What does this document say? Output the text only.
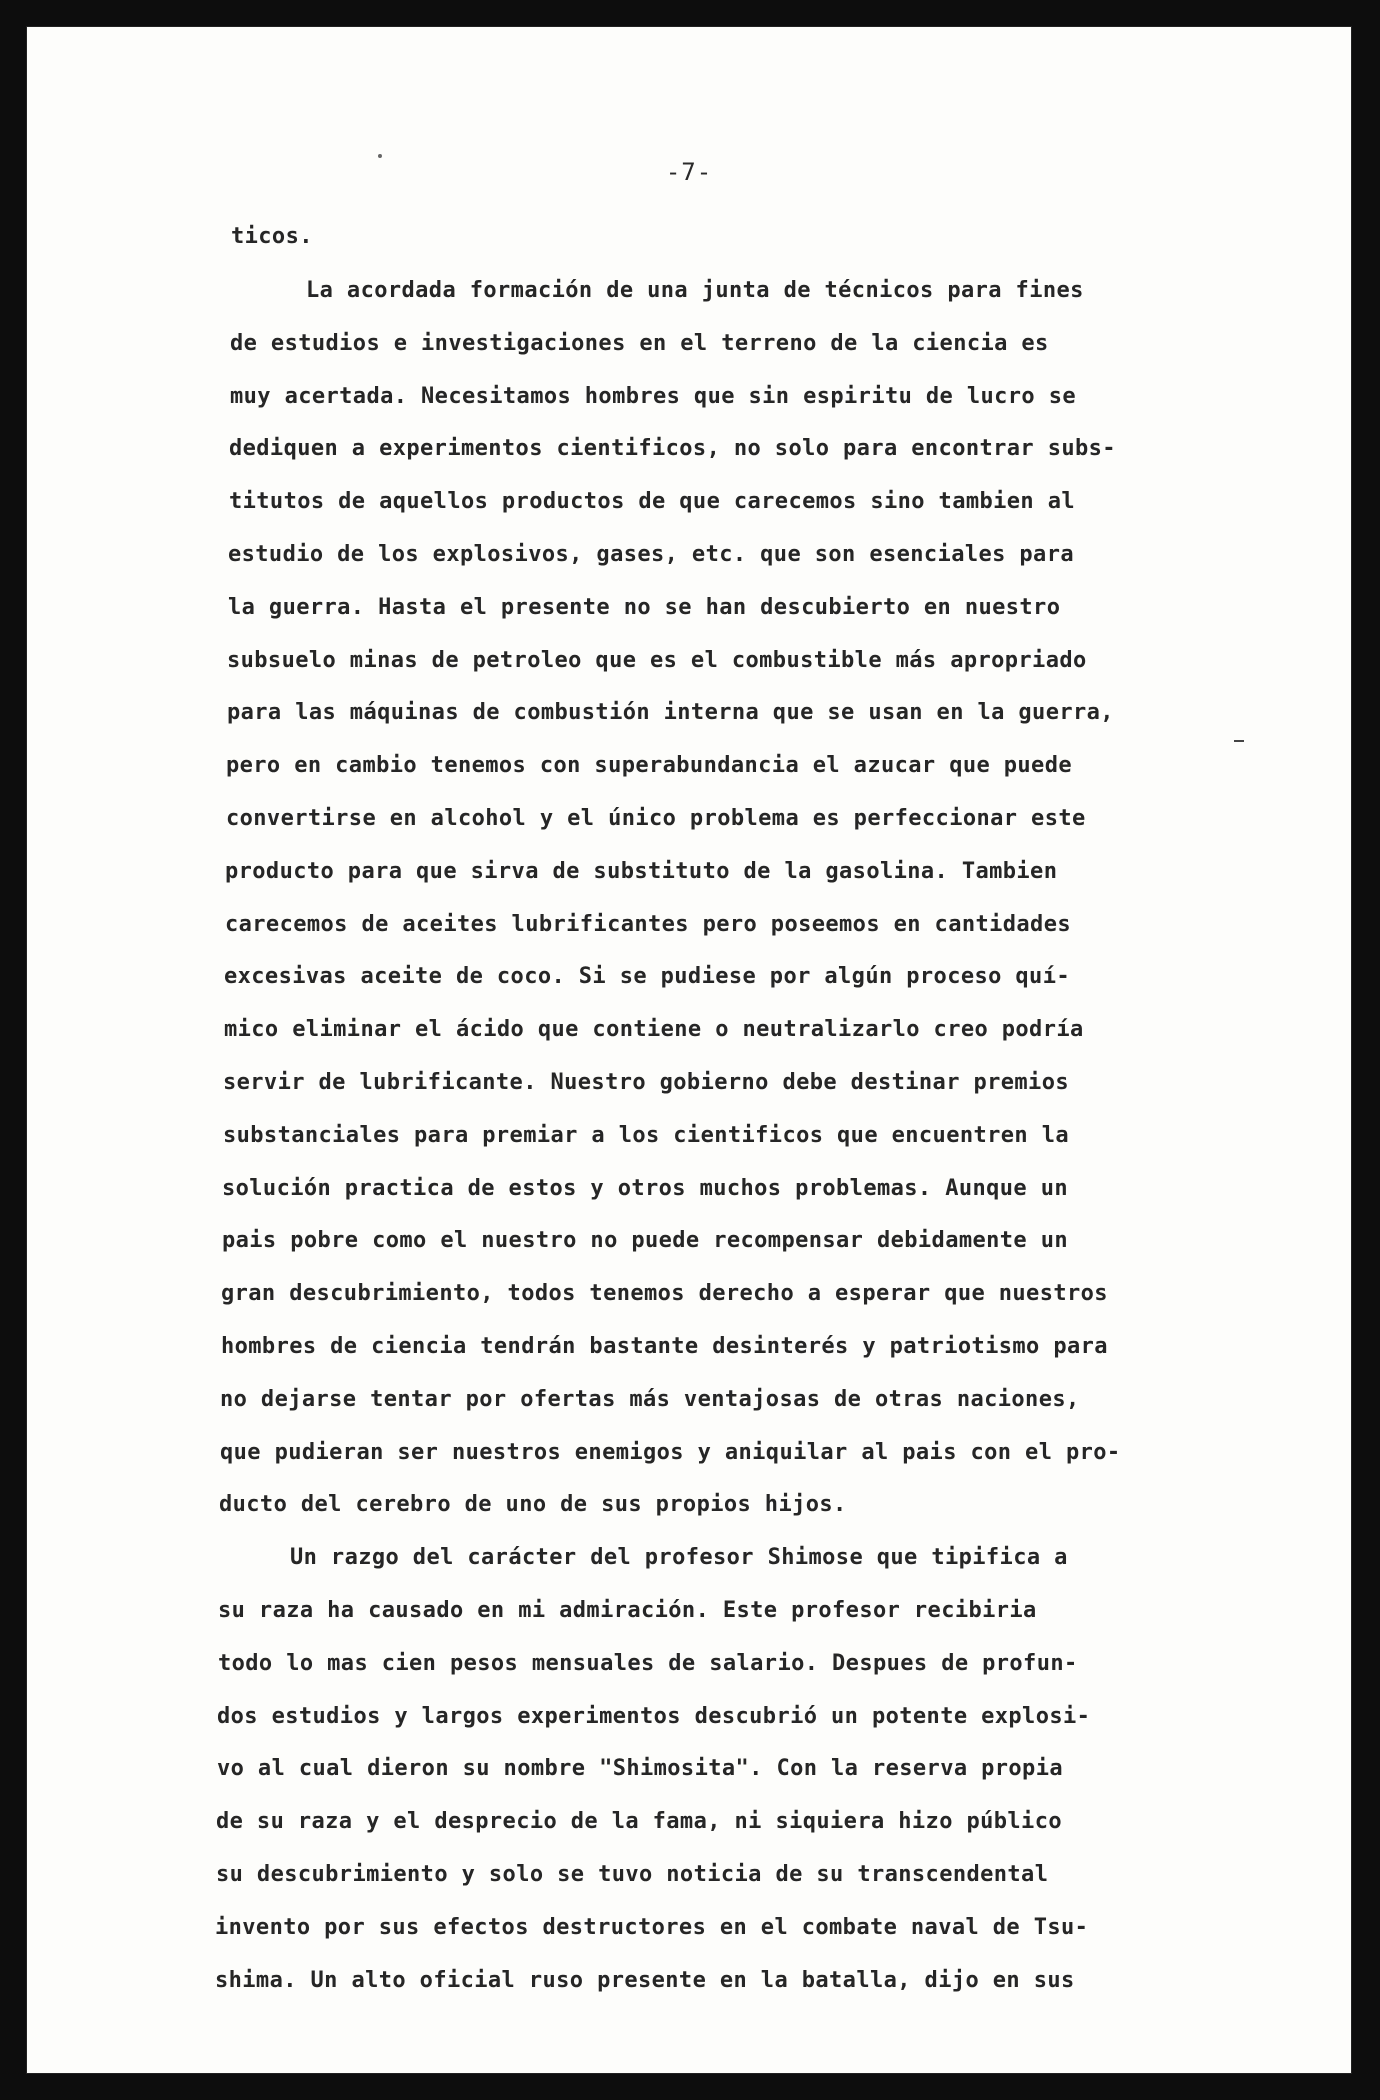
-7-

ticos.

La acordada formación de una junta de técnicos para fines

de estudios e investigaciones en el terreno de la ciencia es

muy acertada. Necesitamos hombres que sin espiritu de lucro se

dediquen a experimentos cientificos, no solo para encontrar subs-

titutos de aquellos productos de que carecemos sino tambien al

estudio de los explosivos, gases, etc. que son esenciales para

la guerra. Hasta el presente no se han descubierto en nuestro

subsuelo minas de petroleo que es el combustible más apropriado

para las máquinas de combustión interna que se usan en la guerra,

pero en cambio tenemos con superabundancia el azucar que puede

convertirse en alcohol y el único problema es perfeccionar este

producto para que sirva de substituto de la gasolina. Tambien

carecemos de aceites lubrificantes pero poseemos en cantidades

excesivas aceite de coco. Si se pudiese por algún proceso quí-

mico eliminar el ácido que contiene o neutralizarlo creo podría

servir de lubrificante. Nuestro gobierno debe destinar premios

substanciales para premiar a los cientificos que encuentren la

solución practica de estos y otros muchos problemas. Aunque un

pais pobre como el nuestro no puede recompensar debidamente un

gran descubrimiento, todos tenemos derecho a esperar que nuestros

hombres de ciencia tendrán bastante desinterés y patriotismo para

no dejarse tentar por ofertas más ventajosas de otras naciones,

que pudieran ser nuestros enemigos y aniquilar al pais con el pro-

ducto del cerebro de uno de sus propios hijos.

Un razgo del carácter del profesor Shimose que tipifica a

su raza ha causado en mi admiración. Este profesor recibiria

todo lo mas cien pesos mensuales de salario. Despues de profun-

dos estudios y largos experimentos descubrió un potente explosi-

vo al cual dieron su nombre "Shimosita". Con la reserva propia

de su raza y el desprecio de la fama, ni siquiera hizo público

su descubrimiento y solo se tuvo noticia de su transcendental

invento por sus efectos destructores en el combate naval de Tsu-

shima. Un alto oficial ruso presente en la batalla, dijo en sus
